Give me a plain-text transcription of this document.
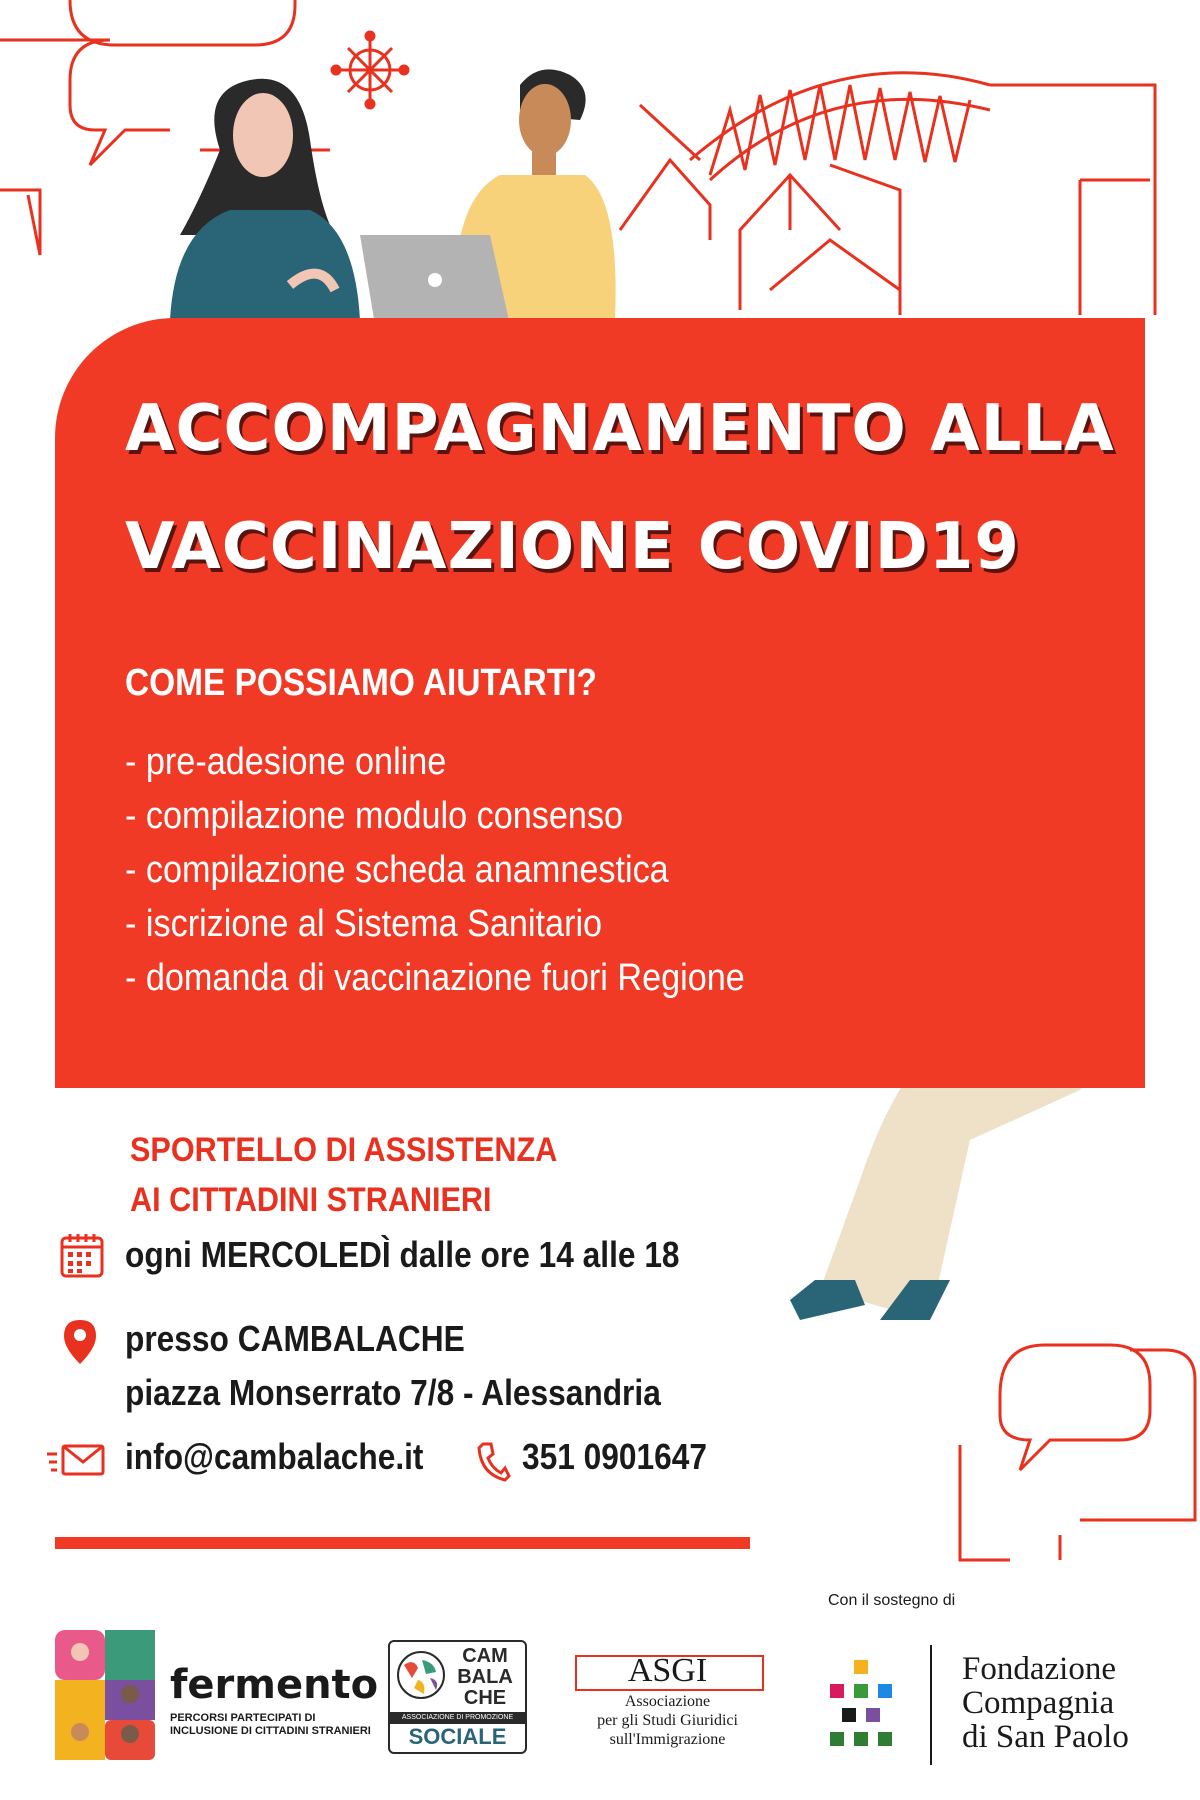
ACCOMPAGNAMENTO ALLA
VACCINAZIONE COVID19
COME POSSIAMO AIUTARTI?
- pre-adesione online
- compilazione modulo consenso
- compilazione scheda anamnestica
- iscrizione al Sistema Sanitario
- domanda di vaccinazione fuori Regione
SPORTELLO DI ASSISTENZA
AI CITTADINI STRANIERI
ogni MERCOLEDÌ dalle ore 14 alle 18
presso CAMBALACHE
piazza Monserrato 7/8 - Alessandria
info@cambalache.it	351 0901647
Con il sostegno di
fermento
PERCORSI PARTECIPATI DI
INCLUSIONE DI CITTADINI STRANIERI
CAM
BALA
CHE
ASSOCIAZIONE DI PROMOZIONE
SOCIALE
ASGI
Associazione
per gli Studi Giuridici
sull'Immigrazione
Fondazione
Compagnia
di San Paolo
